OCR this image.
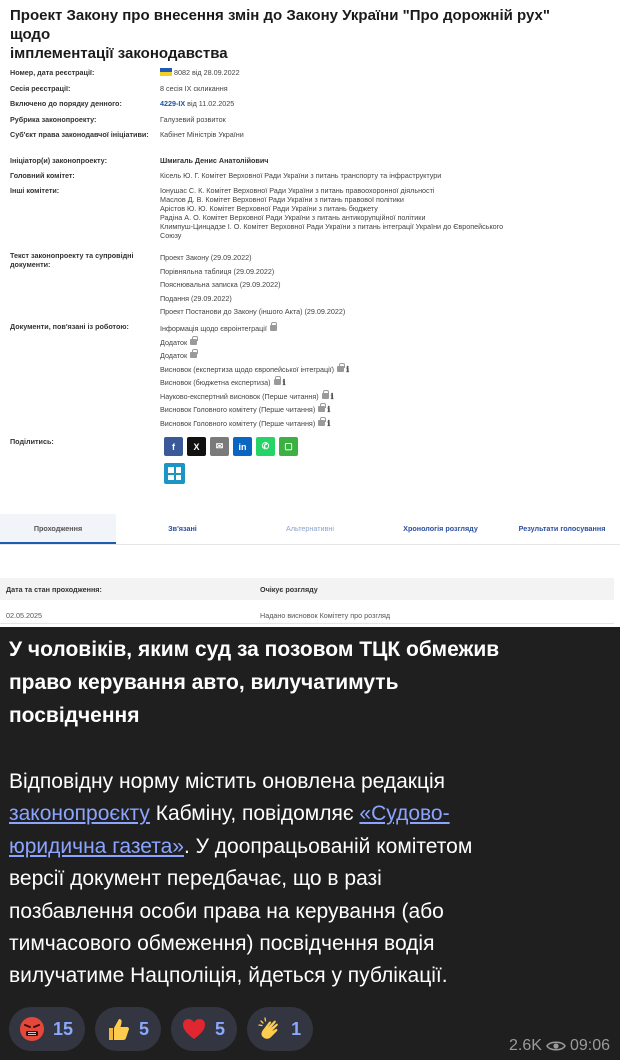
Проект Закону про внесення змін до Закону України "Про дорожній рух" щодо
імплементації законодавства
Номер, дата реєстрації:	8082 від 28.09.2022
Сесія реєстрації:	8 сесія IX скликання
Включено до порядку денного:	4229-IX від 11.02.2025
Рубрика законопроекту:	Галузевий розвиток
Суб'єкт права законодавчої ініціативи: Кабінет Міністрів України
Ініціатор(и) законопроекту:	Шмигаль Денис Анатолійович
Головний комітет:	Кісель Ю. Г. Комітет Верховної Ради України з питань транспорту та інфраструктури
Інші комітети:	Іонушас С. К. Комітет Верховної Ради України з питань правоохоронної діяльності
Маслов Д. В. Комітет Верховної Ради України з питань правової політики
Арістов Ю. Ю. Комітет Верховної Ради України з питань бюджету
Радіна А. О. Комітет Верховної Ради України з питань антикорупційної політики
Климпуш-Цинцадзе І. О. Комітет Верховної Ради України з питань інтеграції України до Європейського
Союзу
Текст законопроекту та супровідні документи:
Проект Закону (29.09.2022)
Порівняльна таблиця (29.09.2022)
Пояснювальна записка (29.09.2022)
Подання (29.09.2022)
Проект Постанови до Закону (іншого Акта) (29.09.2022)
Документи, пов'язані із роботою:	Інформація щодо євроінтеграції
Додаток
Додаток
Висновок (експертиза щодо європейської інтеграції) ℹ
Висновок (бюджетна експертиза) ℹ
Науково-експертний висновок (Перше читання) ℹ
Висновок Головного комітету (Перше читання) ℹ
Висновок Головного комітету (Перше читання) ℹ
Поділитись:	f	X	✉	in	✆	▢
Проходження	Зв'язані	Альтернативні	Хронологія розгляду	Результати голосування
Дата та стан проходження:	Очікує розгляду
02.05.2025	Надано висновок Комітету про розгляд
У чоловіків, яким суд за позовом ТЦК обмежив
право керування авто, вилучатимуть
посвідчення
Відповідну норму містить оновлена редакція
законопроєкту Кабміну, повідомляє «Судово-
юридична газета». У доопрацьованій комітетом
версії документ передбачає, що в разі
позбавлення особи права на керування (або
тимчасового обмеження) посвідчення водія
вилучатиме Нацполіція, йдеться у публікації.
15	5	5	1
2.6K 09:06
